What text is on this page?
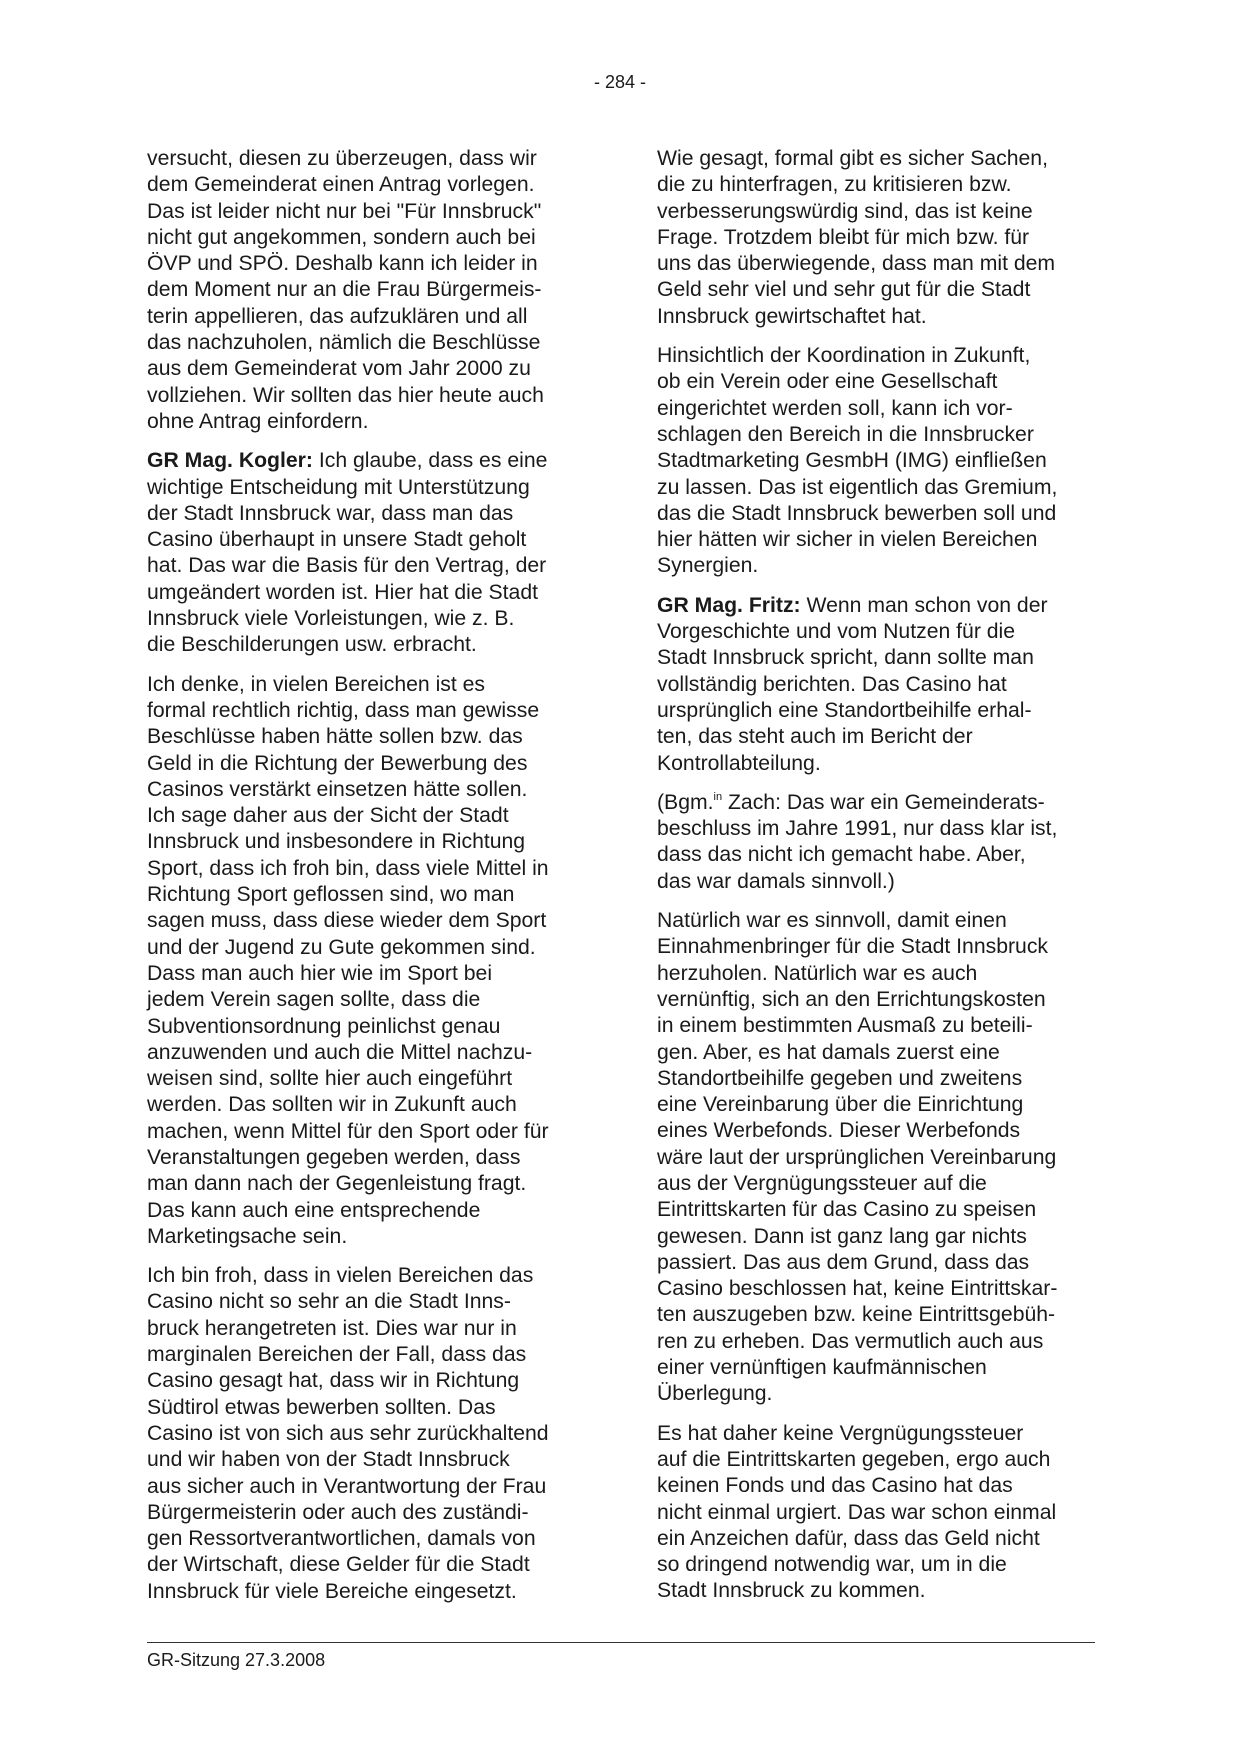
- 284 -

versucht, diesen zu überzeugen, dass wir
dem Gemeinderat einen Antrag vorlegen.
Das ist leider nicht nur bei "Für Innsbruck"
nicht gut angekommen, sondern auch bei
ÖVP und SPÖ. Deshalb kann ich leider in
dem Moment nur an die Frau Bürgermeis-
terin appellieren, das aufzuklären und all
das nachzuholen, nämlich die Beschlüsse
aus dem Gemeinderat vom Jahr 2000 zu
vollziehen. Wir sollten das hier heute auch
ohne Antrag einfordern.

GR Mag. Kogler: Ich glaube, dass es eine
wichtige Entscheidung mit Unterstützung
der Stadt Innsbruck war, dass man das
Casino überhaupt in unsere Stadt geholt
hat. Das war die Basis für den Vertrag, der
umgeändert worden ist. Hier hat die Stadt
Innsbruck viele Vorleistungen, wie z. B.
die Beschilderungen usw. erbracht.

Ich denke, in vielen Bereichen ist es
formal rechtlich richtig, dass man gewisse
Beschlüsse haben hätte sollen bzw. das
Geld in die Richtung der Bewerbung des
Casinos verstärkt einsetzen hätte sollen.
Ich sage daher aus der Sicht der Stadt
Innsbruck und insbesondere in Richtung
Sport, dass ich froh bin, dass viele Mittel in
Richtung Sport geflossen sind, wo man
sagen muss, dass diese wieder dem Sport
und der Jugend zu Gute gekommen sind.
Dass man auch hier wie im Sport bei
jedem Verein sagen sollte, dass die
Subventionsordnung peinlichst genau
anzuwenden und auch die Mittel nachzu-
weisen sind, sollte hier auch eingeführt
werden. Das sollten wir in Zukunft auch
machen, wenn Mittel für den Sport oder für
Veranstaltungen gegeben werden, dass
man dann nach der Gegenleistung fragt.
Das kann auch eine entsprechende
Marketingsache sein.

Ich bin froh, dass in vielen Bereichen das
Casino nicht so sehr an die Stadt Inns-
bruck herangetreten ist. Dies war nur in
marginalen Bereichen der Fall, dass das
Casino gesagt hat, dass wir in Richtung
Südtirol etwas bewerben sollten. Das
Casino ist von sich aus sehr zurückhaltend
und wir haben von der Stadt Innsbruck
aus sicher auch in Verantwortung der Frau
Bürgermeisterin oder auch des zuständi-
gen Ressortverantwortlichen, damals von
der Wirtschaft, diese Gelder für die Stadt
Innsbruck für viele Bereiche eingesetzt.

Wie gesagt, formal gibt es sicher Sachen,
die zu hinterfragen, zu kritisieren bzw.
verbesserungswürdig sind, das ist keine
Frage. Trotzdem bleibt für mich bzw. für
uns das überwiegende, dass man mit dem
Geld sehr viel und sehr gut für die Stadt
Innsbruck gewirtschaftet hat.

Hinsichtlich der Koordination in Zukunft,
ob ein Verein oder eine Gesellschaft
eingerichtet werden soll, kann ich vor-
schlagen den Bereich in die Innsbrucker
Stadtmarketing GesmbH (IMG) einfließen
zu lassen. Das ist eigentlich das Gremium,
das die Stadt Innsbruck bewerben soll und
hier hätten wir sicher in vielen Bereichen
Synergien.

GR Mag. Fritz: Wenn man schon von der
Vorgeschichte und vom Nutzen für die
Stadt Innsbruck spricht, dann sollte man
vollständig berichten. Das Casino hat
ursprünglich eine Standortbeihilfe erhal-
ten, das steht auch im Bericht der
Kontrollabteilung.

(Bgm.$^{in}$ Zach: Das war ein Gemeinderats-
beschluss im Jahre 1991, nur dass klar ist,
dass das nicht ich gemacht habe. Aber,
das war damals sinnvoll.)

Natürlich war es sinnvoll, damit einen
Einnahmenbringer für die Stadt Innsbruck
herzuholen. Natürlich war es auch
vernünftig, sich an den Errichtungskosten
in einem bestimmten Ausmaß zu beteili-
gen. Aber, es hat damals zuerst eine
Standortbeihilfe gegeben und zweitens
eine Vereinbarung über die Einrichtung
eines Werbefonds. Dieser Werbefonds
wäre laut der ursprünglichen Vereinbarung
aus der Vergnügungssteuer auf die
Eintrittskarten für das Casino zu speisen
gewesen. Dann ist ganz lang gar nichts
passiert. Das aus dem Grund, dass das
Casino beschlossen hat, keine Eintrittskar-
ten auszugeben bzw. keine Eintrittsgebüh-
ren zu erheben. Das vermutlich auch aus
einer vernünftigen kaufmännischen
Überlegung.

Es hat daher keine Vergnügungssteuer
auf die Eintrittskarten gegeben, ergo auch
keinen Fonds und das Casino hat das
nicht einmal urgiert. Das war schon einmal
ein Anzeichen dafür, dass das Geld nicht
so dringend notwendig war, um in die
Stadt Innsbruck zu kommen.

GR-Sitzung 27.3.2008
